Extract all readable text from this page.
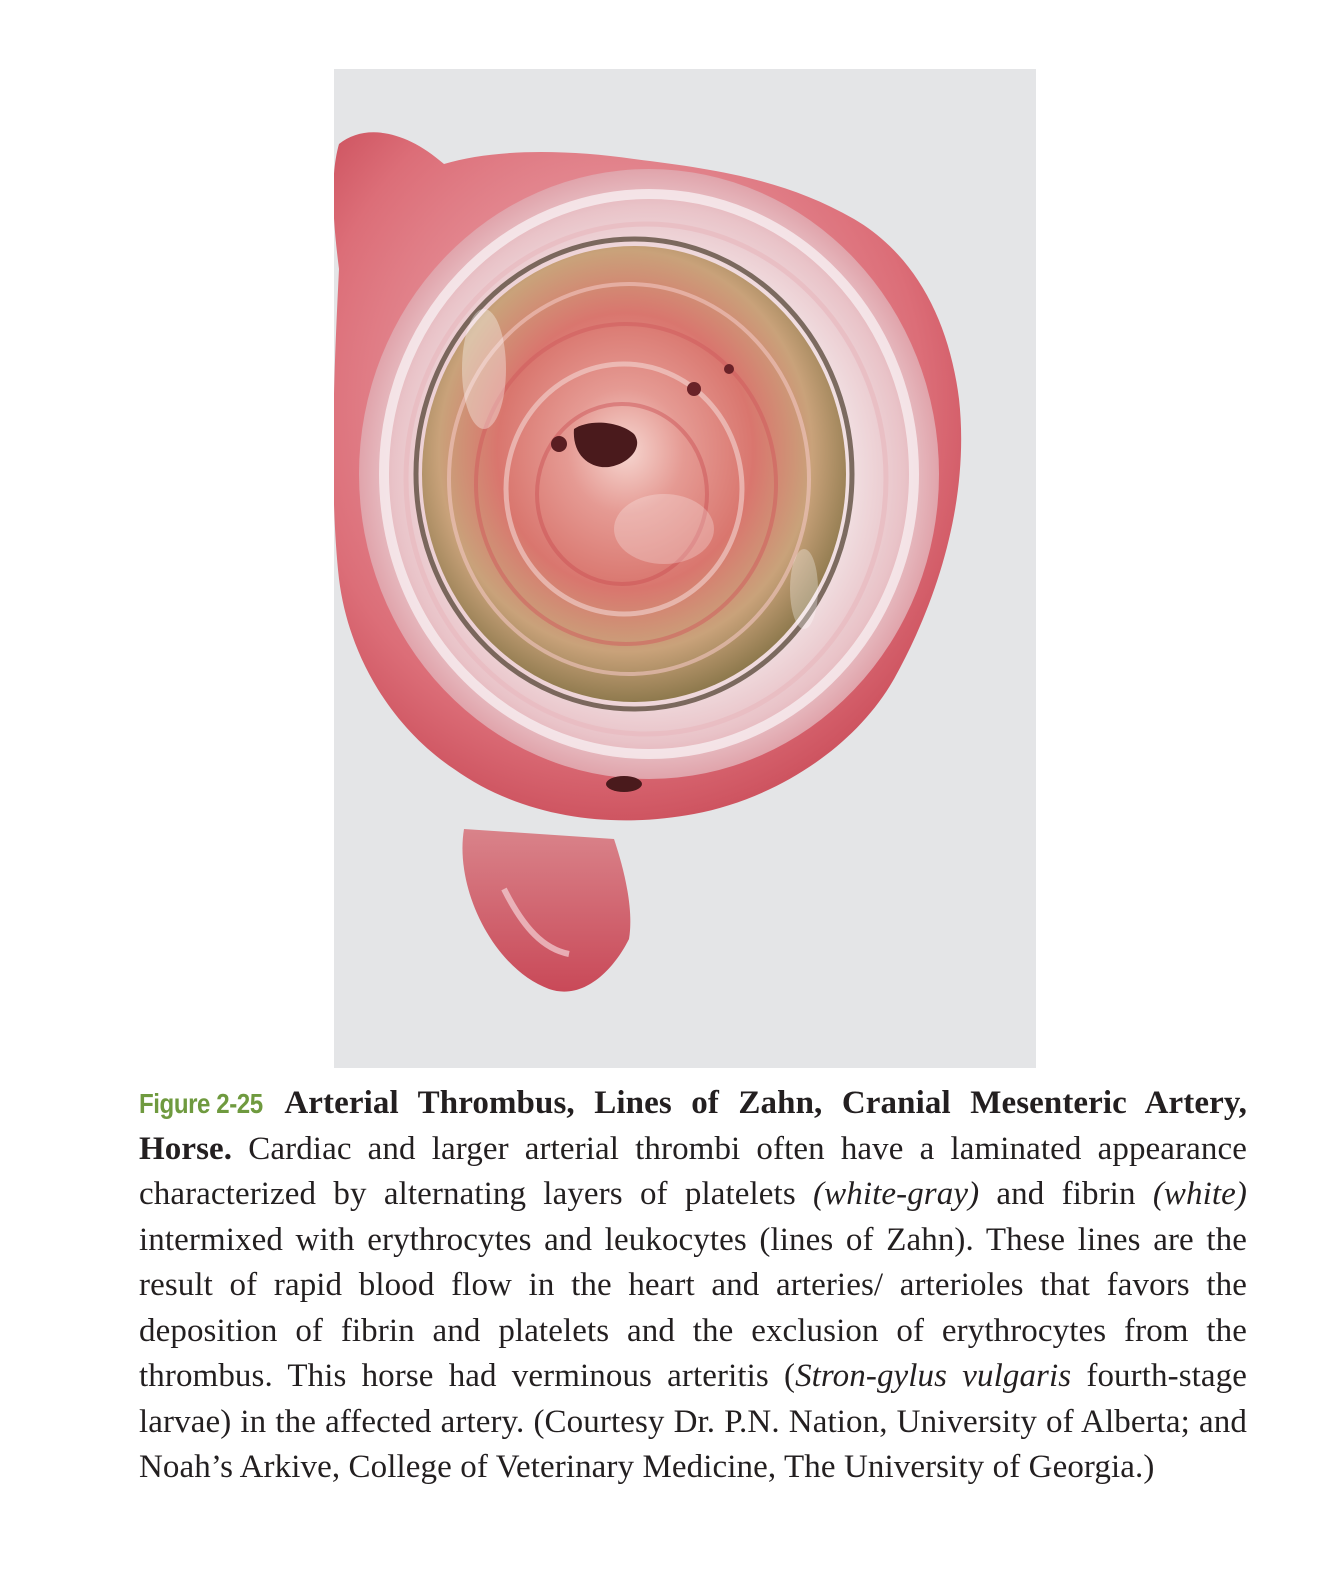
Figure 2-25 Arterial Thrombus, Lines of Zahn, Cranial Mesenteric Artery, Horse. Cardiac and larger arterial thrombi often have a laminated appearance characterized by alternating layers of platelets (white-gray) and fibrin (white) intermixed with erythrocytes and leukocytes (lines of Zahn). These lines are the result of rapid blood flow in the heart and arteries/ arterioles that favors the deposition of fibrin and platelets and the exclusion of erythrocytes from the thrombus. This horse had verminous arteritis (Stron-gylus vulgaris fourth-stage larvae) in the affected artery. (Courtesy Dr. P.N. Nation, University of Alberta; and Noah’s Arkive, College of Veterinary Medicine, The University of Georgia.)
